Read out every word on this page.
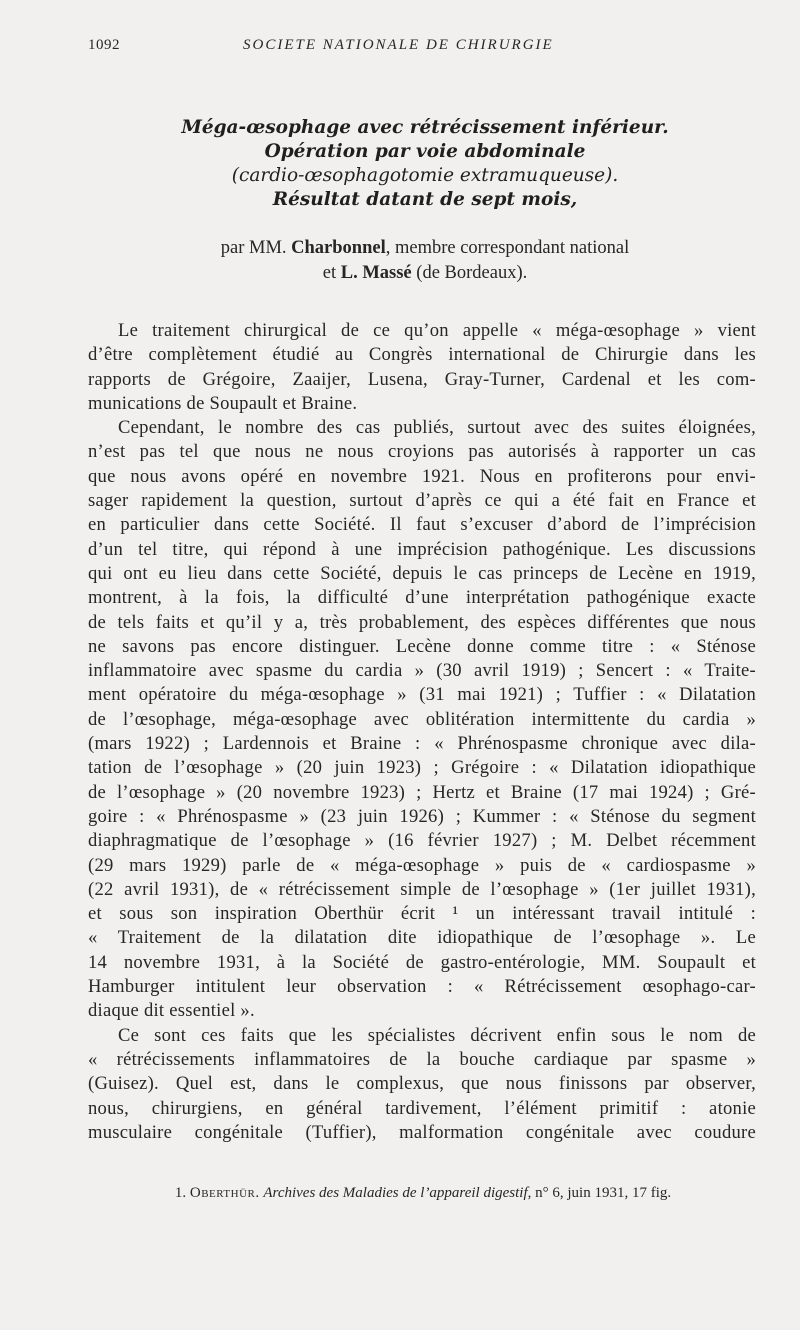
1092	SOCIETE NATIONALE DE CHIRURGIE
Méga-œsophage avec rétrécissement inférieur.
Opération par voie abdominale
(cardio-œsophagotomie extramuqueuse).
Résultat datant de sept mois,
par MM. Charbonnel, membre correspondant national
et L. Massé (de Bordeaux).
Le traitement chirurgical de ce qu’on appelle « méga-œsophage » vient
d’être complètement étudié au Congrès international de Chirurgie dans les
rapports de Grégoire, Zaaijer, Lusena, Gray-Turner, Cardenal et les com-
munications de Soupault et Braine.
Cependant, le nombre des cas publiés, surtout avec des suites éloignées,
n’est pas tel que nous ne nous croyions pas autorisés à rapporter un cas
que nous avons opéré en novembre 1921. Nous en profiterons pour envi-
sager rapidement la question, surtout d’après ce qui a été fait en France et
en particulier dans cette Société. Il faut s’excuser d’abord de l’imprécision
d’un tel titre, qui répond à une imprécision pathogénique. Les discussions
qui ont eu lieu dans cette Société, depuis le cas princeps de Lecène en 1919,
montrent, à la fois, la difficulté d’une interprétation pathogénique exacte
de tels faits et qu’il y a, très probablement, des espèces différentes que nous
ne savons pas encore distinguer. Lecène donne comme titre : « Sténose
inflammatoire avec spasme du cardia » (30 avril 1919) ; Sencert : « Traite-
ment opératoire du méga-œsophage » (31 mai 1921) ; Tuffier : « Dilatation
de l’œsophage, méga-œsophage avec oblitération intermittente du cardia »
(mars 1922) ; Lardennois et Braine : « Phrénospasme chronique avec dila-
tation de l’œsophage » (20 juin 1923) ; Grégoire : « Dilatation idiopathique
de l’œsophage » (20 novembre 1923) ; Hertz et Braine (17 mai 1924) ; Gré-
goire : « Phrénospasme » (23 juin 1926) ; Kummer : « Sténose du segment
diaphragmatique de l’œsophage » (16 février 1927) ; M. Delbet récemment
(29 mars 1929) parle de « méga-œsophage » puis de « cardiospasme »
(22 avril 1931), de « rétrécissement simple de l’œsophage » (1er juillet 1931),
et sous son inspiration Oberthür écrit ¹ un intéressant travail intitulé :
« Traitement de la dilatation dite idiopathique de l’œsophage ». Le
14 novembre 1931, à la Société de gastro-entérologie, MM. Soupault et
Hamburger intitulent leur observation : « Rétrécissement œsophago-car-
diaque dit essentiel ».
Ce sont ces faits que les spécialistes décrivent enfin sous le nom de
« rétrécissements inflammatoires de la bouche cardiaque par spasme »
(Guisez). Quel est, dans le complexus, que nous finissons par observer,
nous, chirurgiens, en général tardivement, l’élément primitif : atonie
musculaire congénitale (Tuffier), malformation congénitale avec coudure
1. Oberthür. Archives des Maladies de l’appareil digestif, n° 6, juin 1931, 17 fig.
